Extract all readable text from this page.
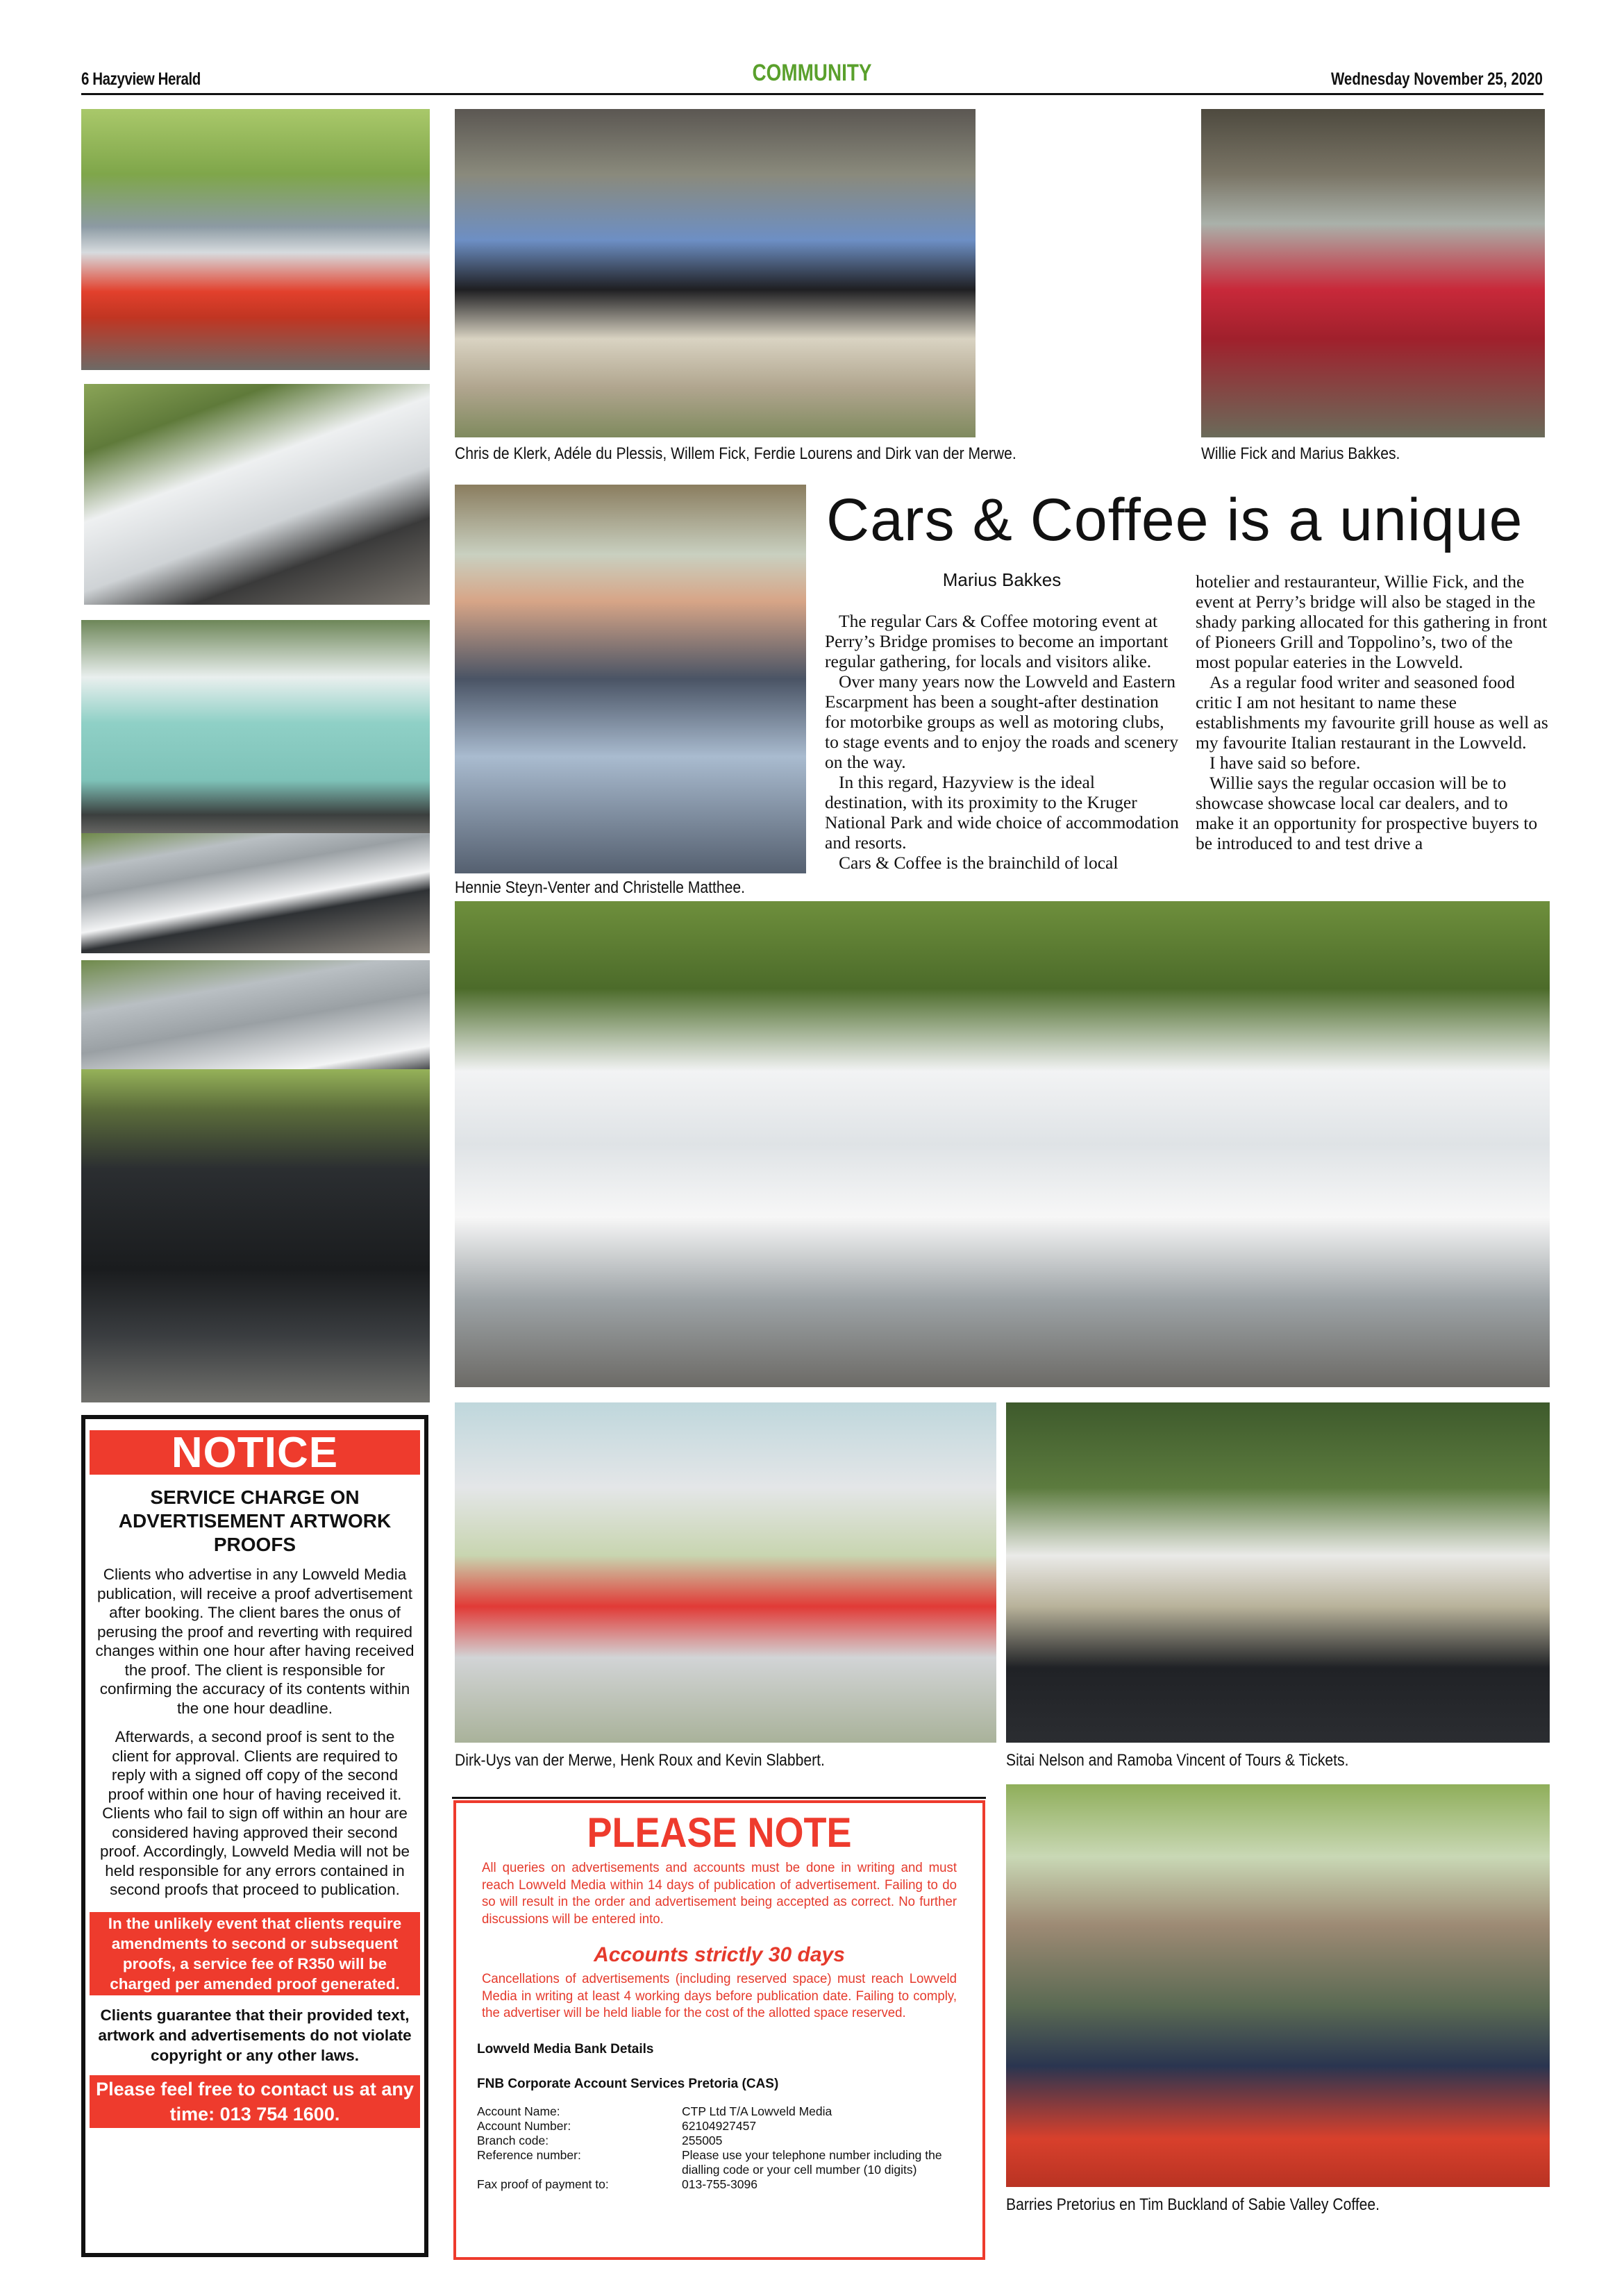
6 Hazyview Herald	COMMUNITY	Wednesday November 25, 2020
Chris de Klerk, Adéle du Plessis, Willem Fick, Ferdie Lourens and Dirk van der Merwe.	Willie Fick and Marius Bakkes.
Hennie Steyn-Venter and Christelle Matthee.
Cars & Coffee is a unique
Marius Bakkes

The regular Cars & Coffee motoring event at Perry’s Bridge promises to become an important regular gathering, for locals and visitors alike.

Over many years now the Lowveld and Eastern Escarpment has been a sought-after destination for motorbike groups as well as motoring clubs, to stage events and to enjoy the roads and scenery on the way.

In this regard, Hazyview is the ideal destination, with its proximity to the Kruger National Park and wide choice of accommodation and resorts.

Cars & Coffee is the brainchild of local

hotelier and restauranteur, Willie Fick, and the event at Perry’s bridge will also be staged in the shady parking allocated for this gathering in front of Pioneers Grill and Toppolino’s, two of the most popular eateries in the Lowveld.

As a regular food writer and seasoned food critic I am not hesitant to name these establishments my favourite grill house as well as my favourite Italian restaurant in the Lowveld.

I have said so before.

Willie says the regular occasion will be to showcase showcase local car dealers, and to make it an opportunity for prospective buyers to be introduced to and test drive a

Dirk-Uys van der Merwe, Henk Roux and Kevin Slabbert.	Sitai Nelson and Ramoba Vincent of Tours & Tickets.
Barries Pretorius en Tim Buckland of Sabie Valley Coffee.
NOTICE
SERVICE CHARGE ON ADVERTISEMENT ARTWORK PROOFS
Clients who advertise in any Lowveld Media publication, will receive a proof advertisement after booking. The client bares the onus of perusing the proof and reverting with required changes within one hour after having received the proof. The client is responsible for confirming the accuracy of its contents within the one hour deadline.
Afterwards, a second proof is sent to the client for approval. Clients are required to reply with a signed off copy of the second proof within one hour of having received it. Clients who fail to sign off within an hour are considered having approved their second proof. Accordingly, Lowveld Media will not be held responsible for any errors contained in second proofs that proceed to publication.
In the unlikely event that clients require amendments to second or subsequent proofs, a service fee of R350 will be charged per amended proof generated.
Clients guarantee that their provided text, artwork and advertisements do not violate copyright or any other laws.
Please feel free to contact us at any time: 013 754 1600.
PLEASE NOTE
All queries on advertisements and accounts must be done in writing and must reach Lowveld Media within 14 days of publication of advertisement. Failing to do so will result in the order and advertisement being accepted as correct. No further discussions will be entered into.
Accounts strictly 30 days
Cancellations of advertisements (including reserved space) must reach Lowveld Media in writing at least 4 working days before publication date. Failing to comply, the advertiser will be held liable for the cost of the allotted space reserved.
Lowveld Media Bank Details
FNB Corporate Account Services Pretoria (CAS)
Account Name:	CTP Ltd T/A Lowveld Media
Account Number:	62104927457
Branch code:	255005
Reference number:	Please use your telephone number including the dialling code or your cell mumber (10 digits)
Fax proof of payment to:	013-755-3096
